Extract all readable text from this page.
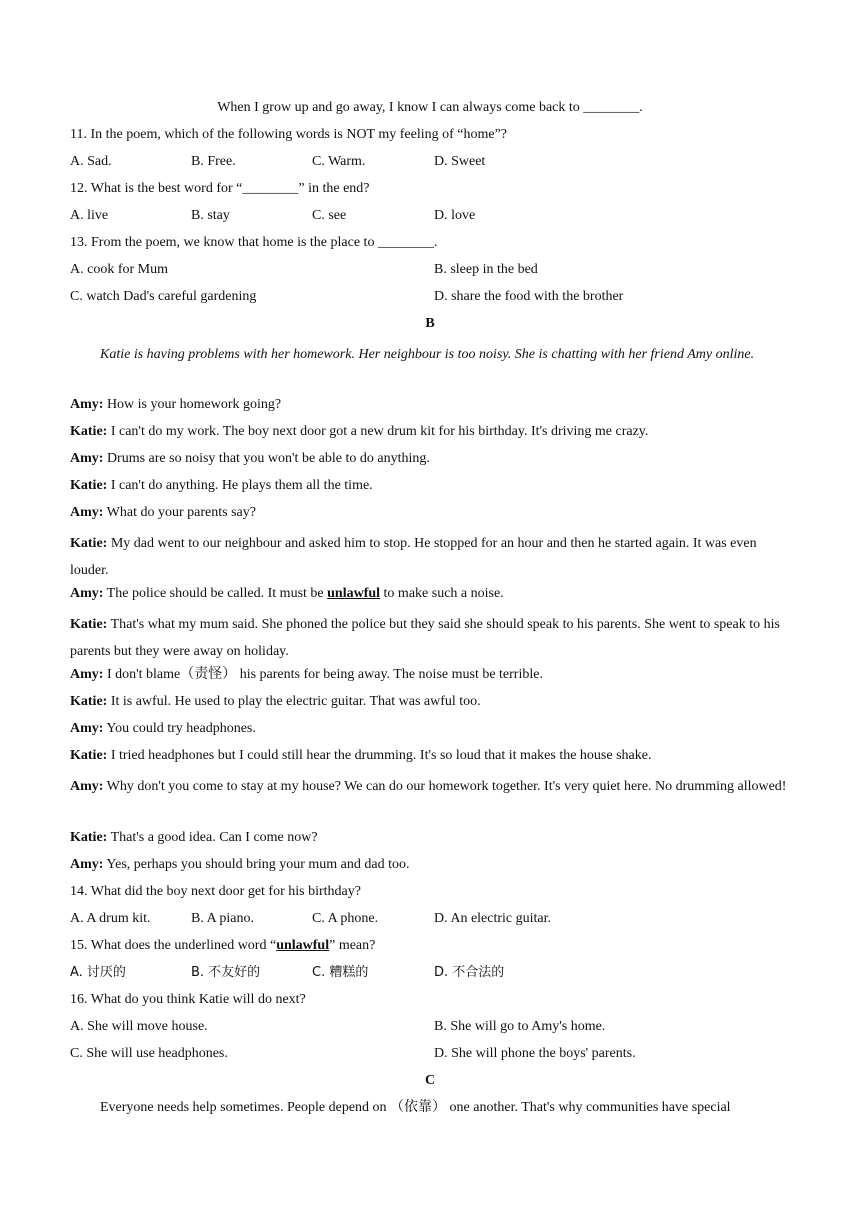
When I grow up and go away, I know I can always come back to ________.
11. In the poem, which of the following words is NOT my feeling of “home”?
A. Sad.	B. Free.	C. Warm.	D. Sweet
12. What is the best word for “________” in the end?
A. live	B. stay	C. see	D. love
13. From the poem, we know that home is the place to ________.
A. cook for Mum	B. sleep in the bed
C. watch Dad's careful gardening	D. share the food with the brother
B
Katie is having problems with her homework. Her neighbour is too noisy. She is chatting with her friend Amy online.
Amy: How is your homework going?
Katie: I can't do my work. The boy next door got a new drum kit for his birthday. It's driving me crazy.
Amy: Drums are so noisy that you won't be able to do anything.
Katie: I can't do anything. He plays them all the time.
Amy: What do your parents say?
Katie: My dad went to our neighbour and asked him to stop. He stopped for an hour and then he started again. It was even louder.
Amy: The police should be called. It must be unlawful to make such a noise.
Katie: That's what my mum said. She phoned the police but they said she should speak to his parents. She went to speak to his parents but they were away on holiday.
Amy: I don't blame（责怪） his parents for being away. The noise must be terrible.
Katie: It is awful. He used to play the electric guitar. That was awful too.
Amy: You could try headphones.
Katie: I tried headphones but I could still hear the drumming. It's so loud that it makes the house shake.
Amy: Why don't you come to stay at my house? We can do our homework together. It's very quiet here. No drumming allowed!
Katie: That's a good idea. Can I come now?
Amy: Yes, perhaps you should bring your mum and dad too.
14. What did the boy next door get for his birthday?
A. A drum kit.	B. A piano.	C. A phone.	D. An electric guitar.
15. What does the underlined word “unlawful” mean?
A. 讨厌的	B. 不友好的	C. 糟糕的	D. 不合法的
16. What do you think Katie will do next?
A. She will move house.	B. She will go to Amy's home.
C. She will use headphones.	D. She will phone the boys' parents.
C
Everyone needs help sometimes. People depend on （依靠） one another. That's why communities have special
